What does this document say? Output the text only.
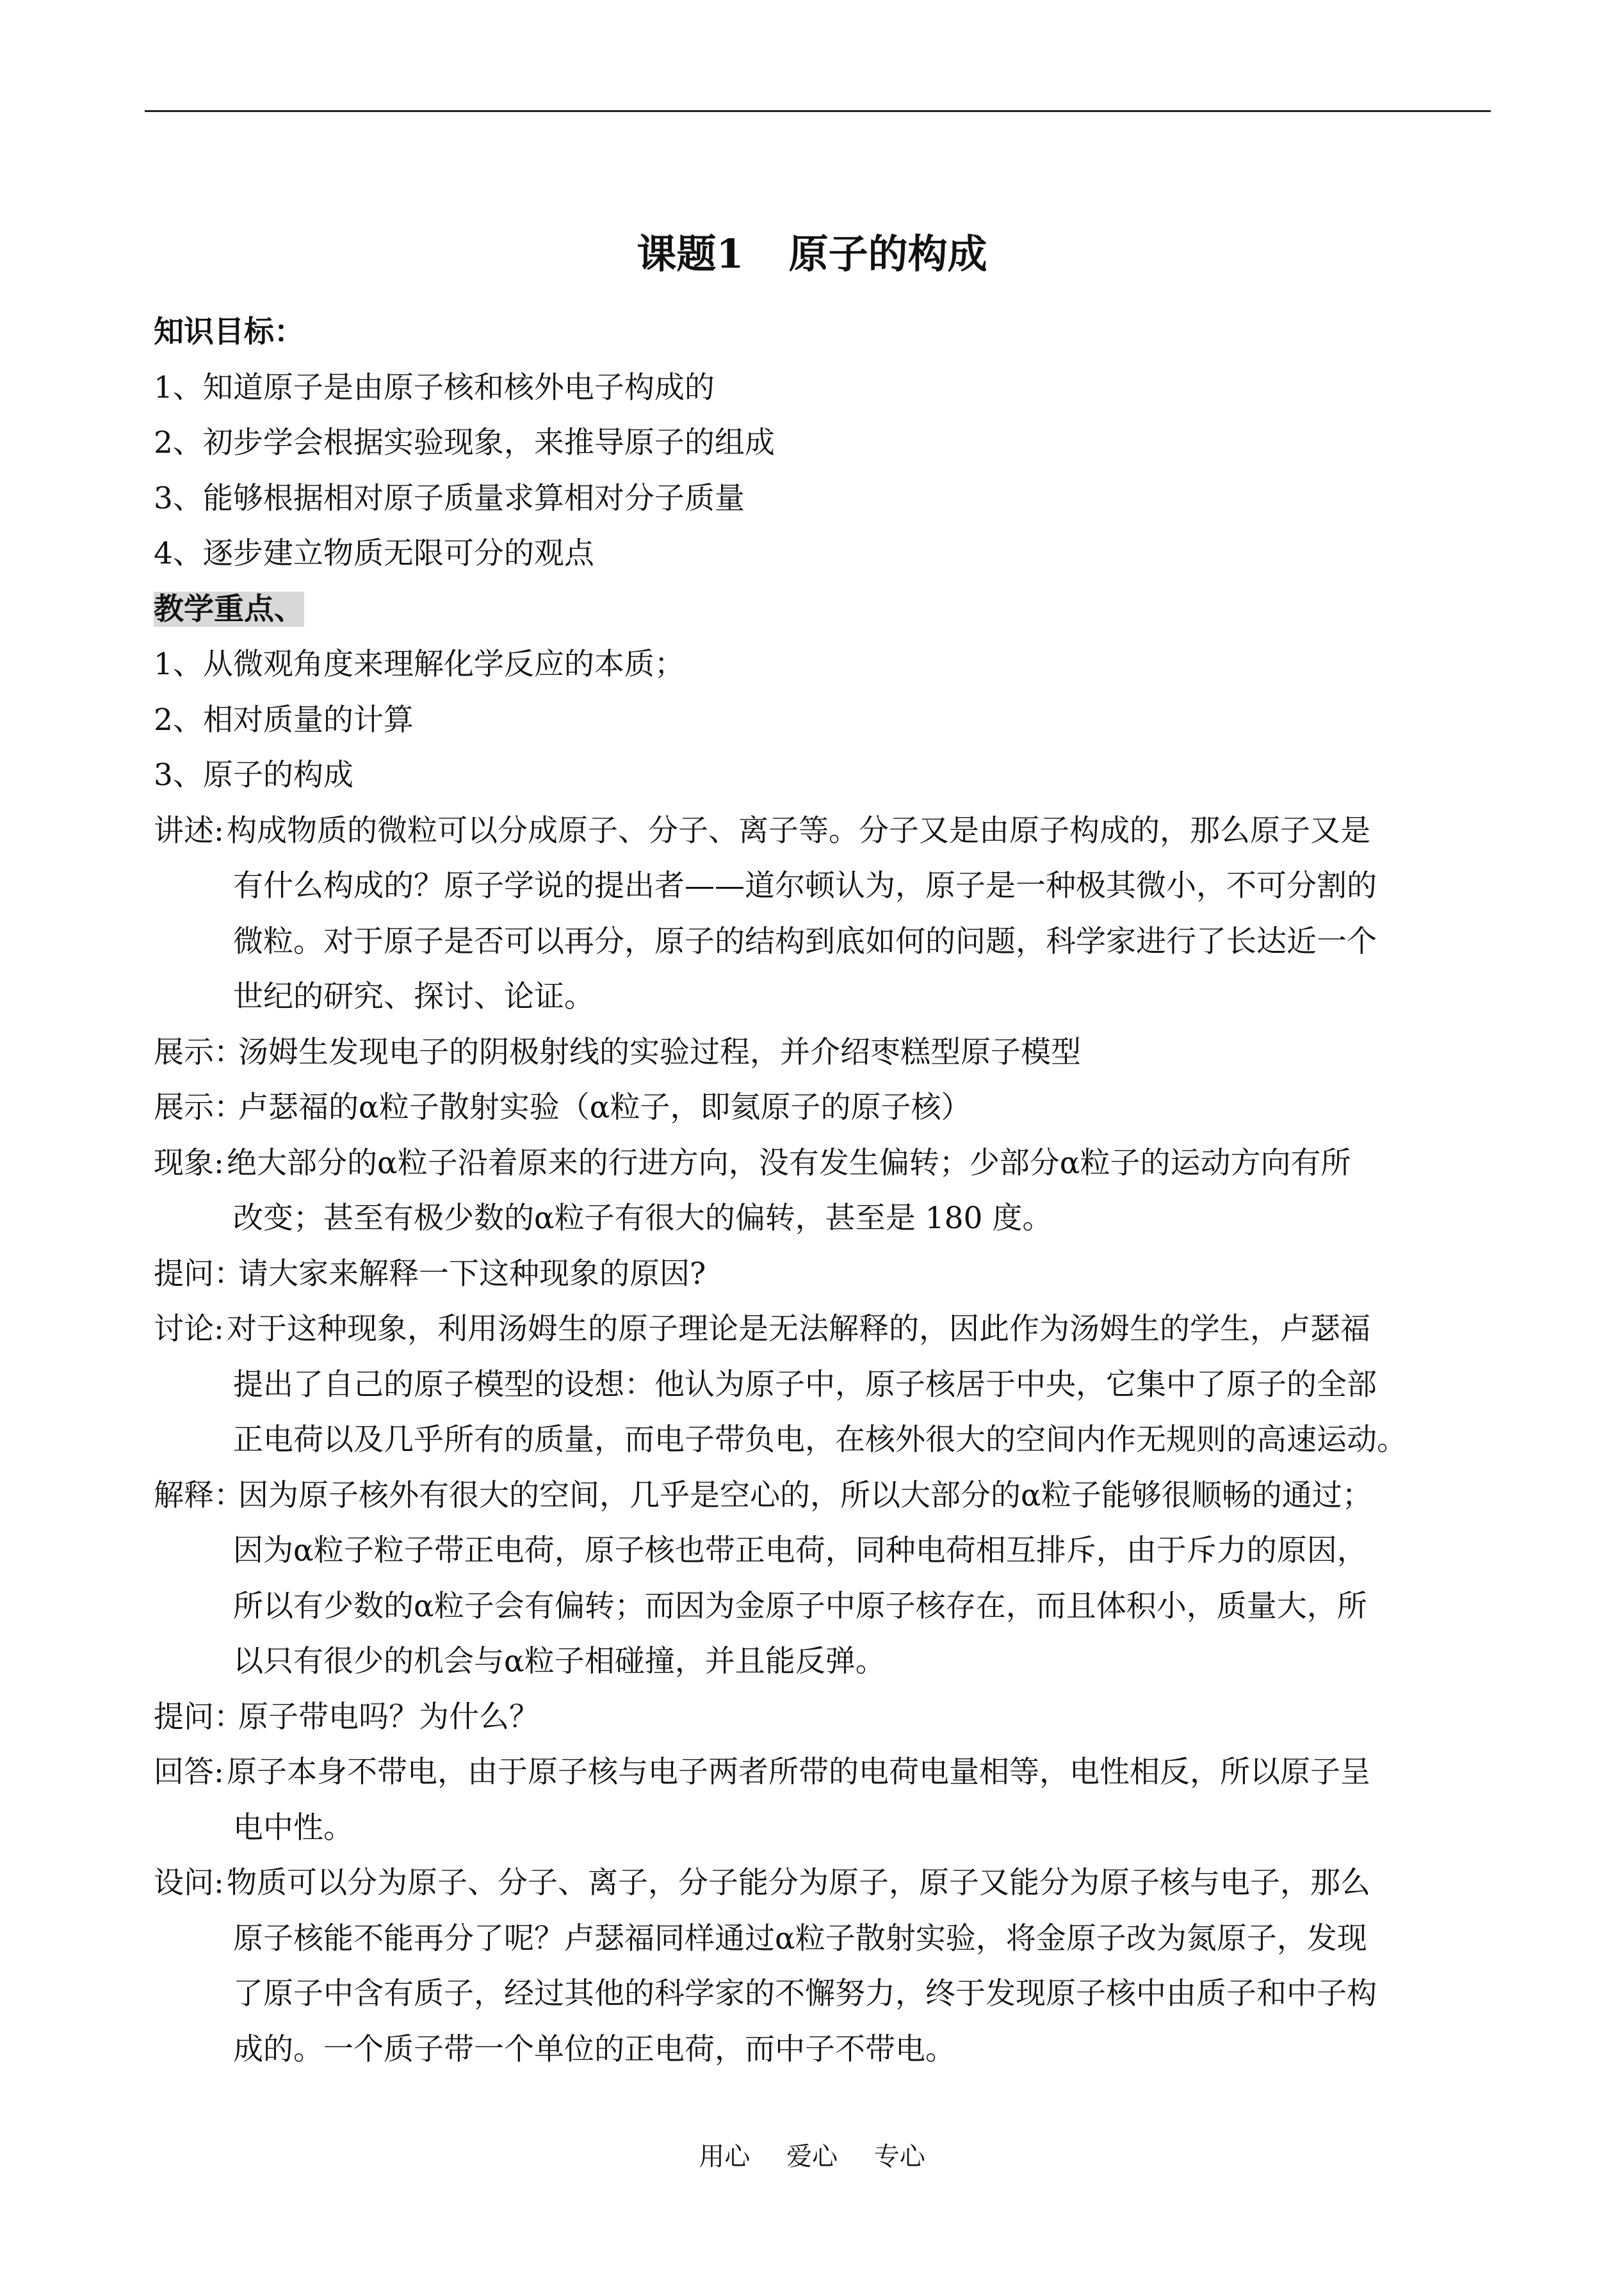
课题1 原子的构成
知识目标：
1、知道原子是由原子核和核外电子构成的
2、初步学会根据实验现象，来推导原子的组成
3、能够根据相对原子质量求算相对分子质量
4、逐步建立物质无限可分的观点
教学重点、
1、从微观角度来理解化学反应的本质；
2、相对质量的计算
3、原子的构成
讲述: 构成物质的微粒可以分成原子、分子、离子等。分子又是由原子构成的，那么原子又是
有什么构成的？原子学说的提出者——道尔顿认为，原子是一种极其微小，不可分割的
微粒。对于原子是否可以再分，原子的结构到底如何的问题，科学家进行了长达近一个
世纪的研究、探讨、论证。
展示：
汤姆生发现电子的阴极射线的实验过程，并介绍枣糕型原子模型
展示：
卢瑟福的α粒子散射实验（α粒子，即氦原子的原子核）
现象: 绝大部分的α粒子沿着原来的行进方向，没有发生偏转；少部分α粒子的运动方向有所
改变；甚至有极少数的α粒子有很大的偏转，甚至是 180 度。
提问：
请大家来解释一下这种现象的原因?
讨论: 对于这种现象，利用汤姆生的原子理论是无法解释的，因此作为汤姆生的学生，卢瑟福
提出了自己的原子模型的设想：他认为原子中，原子核居于中央，它集中了原子的全部
正电荷以及几乎所有的质量，而电子带负电，在核外很大的空间内作无规则的高速运动。
解释：
因为原子核外有很大的空间，几乎是空心的，所以大部分的α粒子能够很顺畅的通过；
因为α粒子粒子带正电荷，原子核也带正电荷，同种电荷相互排斥，由于斥力的原因，
所以有少数的α粒子会有偏转；而因为金原子中原子核存在，而且体积小，质量大，所
以只有很少的机会与α粒子相碰撞，并且能反弹。
提问：
原子带电吗？为什么？
回答: 原子本身不带电，由于原子核与电子两者所带的电荷电量相等，电性相反，所以原子呈
电中性。
设问: 物质可以分为原子、分子、离子，分子能分为原子，原子又能分为原子核与电子，那么
原子核能不能再分了呢？卢瑟福同样通过α粒子散射实验，将金原子改为氮原子，发现
了原子中含有质子，经过其他的科学家的不懈努力，终于发现原子核中由质子和中子构
成的。一个质子带一个单位的正电荷，而中子不带电。
用心 爱心 专心
